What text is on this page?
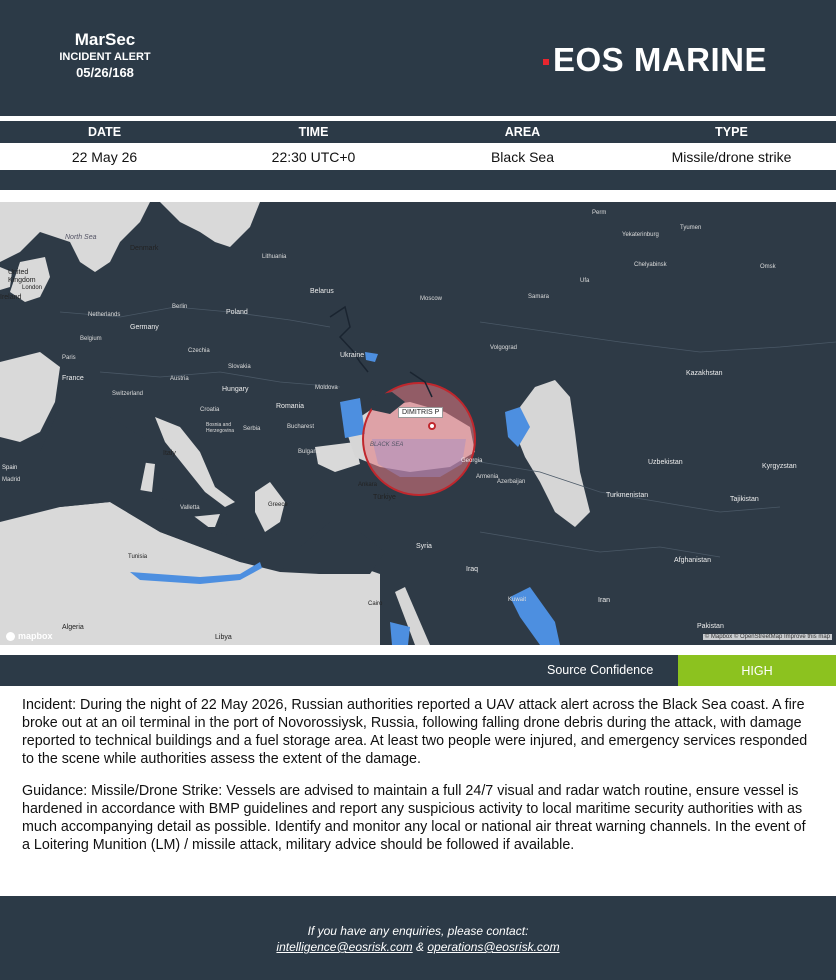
MarSec
INCIDENT ALERT
05/26/168	EOS MARINE
DATE	TIME	AREA	TYPE
22 May 26	22:30 UTC+0	Black Sea	Missile/drone strike
North Sea
Denmark
United Kingdom
Ireland
London
Netherlands
Belgium
Germany
France
Paris
Lithuania
Belarus
Poland
Berlin
Austria
Czechia
Slovakia
Hungary
Switzerland
Italy
Croatia
Bosnia and Herzegovina	Serbia
Romania
Bucharest
Moldova
Ukraine
Bulgaria
Greece
Spain
Madrid
Tunisia
Algeria
Libya
Valletta
Ankara
Türkiye
Syria
Iraq
Cairo
Georgia
Armenia
Azerbaijan
Moscow
Volgograd
Samara
Ufa
Perm
Yekaterinburg
Tyumen
Chelyabinsk
Kazakhstan
Omsk
Uzbekistan
Turkmenistan
Kyrgyzstan
Tajikistan
Afghanistan
Iran
Pakistan
Kuwait
DIMITRIS P
BLACK SEA
mapbox	© Mapbox © OpenStreetMap Improve this map
Source Confidence	HIGH

Incident: During the night of 22 May 2026, Russian authorities reported a UAV attack alert across the Black Sea coast. A fire broke out at an oil terminal in the port of Novorossiysk, Russia, following falling drone debris during the attack, with damage reported to technical buildings and a fuel storage area. At least two people were injured, and emergency services responded to the scene while authorities assess the extent of the damage.

Guidance: Missile/Drone Strike: Vessels are advised to maintain a full 24/7 visual and radar watch routine, ensure vessel is hardened in accordance with BMP guidelines and report any suspicious activity to local maritime security authorities with as much accompanying detail as possible. Identify and monitor any local or national air threat warning channels. In the event of a Loitering Munition (LM) / missile attack, military advice should be followed if available.

If you have any enquiries, please contact:
intelligence@eosrisk.com & operations@eosrisk.com
